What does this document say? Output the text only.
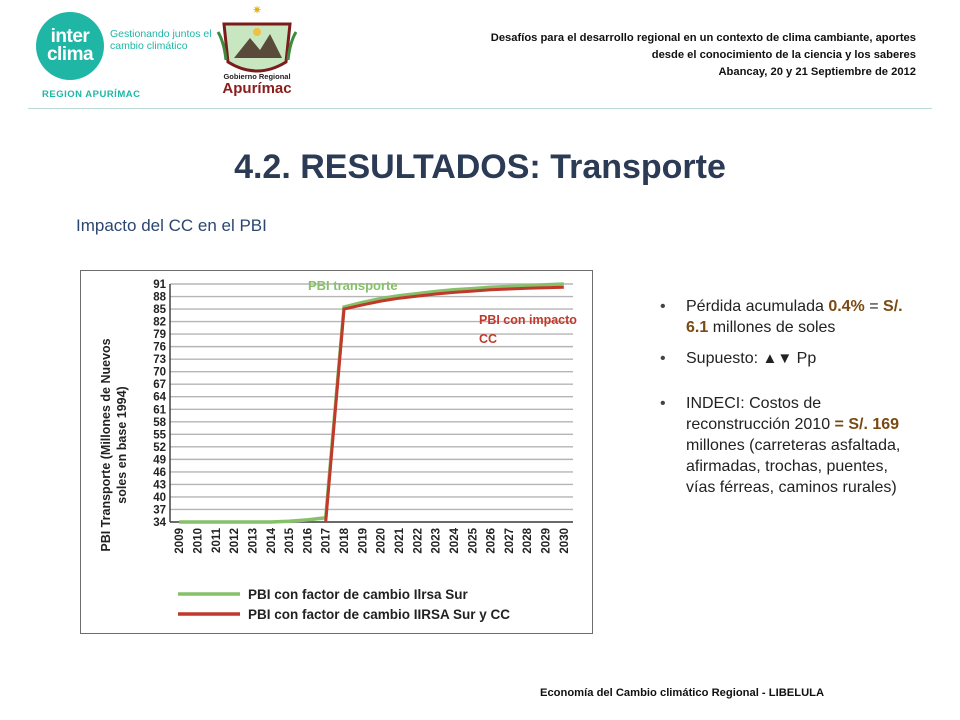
inter
clima
Gestionando juntos el cambio climático
REGION APURÍMAC
✷
Gobierno Regional
Apurímac
Desafíos para el desarrollo regional en un contexto de clima cambiante, aportes
desde el conocimiento de la ciencia y los saberes
Abancay, 20 y 21 Septiembre de 2012
4.2. RESULTADOS: Transporte
Impacto del CC en el PBI
PBI Transporte (Millones de Nuevos soles en base 1994)
34
37
40
43
46
49
52
55
58
61
64
67
70
73
76
79
82
85
88
91
2009 2010 2011 2012 2013 2014 2015 2016 2017 2018 2019 2020 2021 2022 2023 2024 2025 2026 2027 2028 2029 2030
PBI con factor de cambio Ilrsa Sur
PBI con factor de cambio IIRSA Sur y CC
PBI transporte
PBI con impacto CC
• Pérdida acumulada 0.4% = S/. 6.1 millones de soles
• Supuesto: ▲▼ Pp
• INDECI: Costos de reconstrucción 2010 = S/. 169 millones (carreteras asfaltada, afirmadas, trochas, puentes, vías férreas, caminos rurales)
Economía del Cambio climático Regional - LIBELULA
